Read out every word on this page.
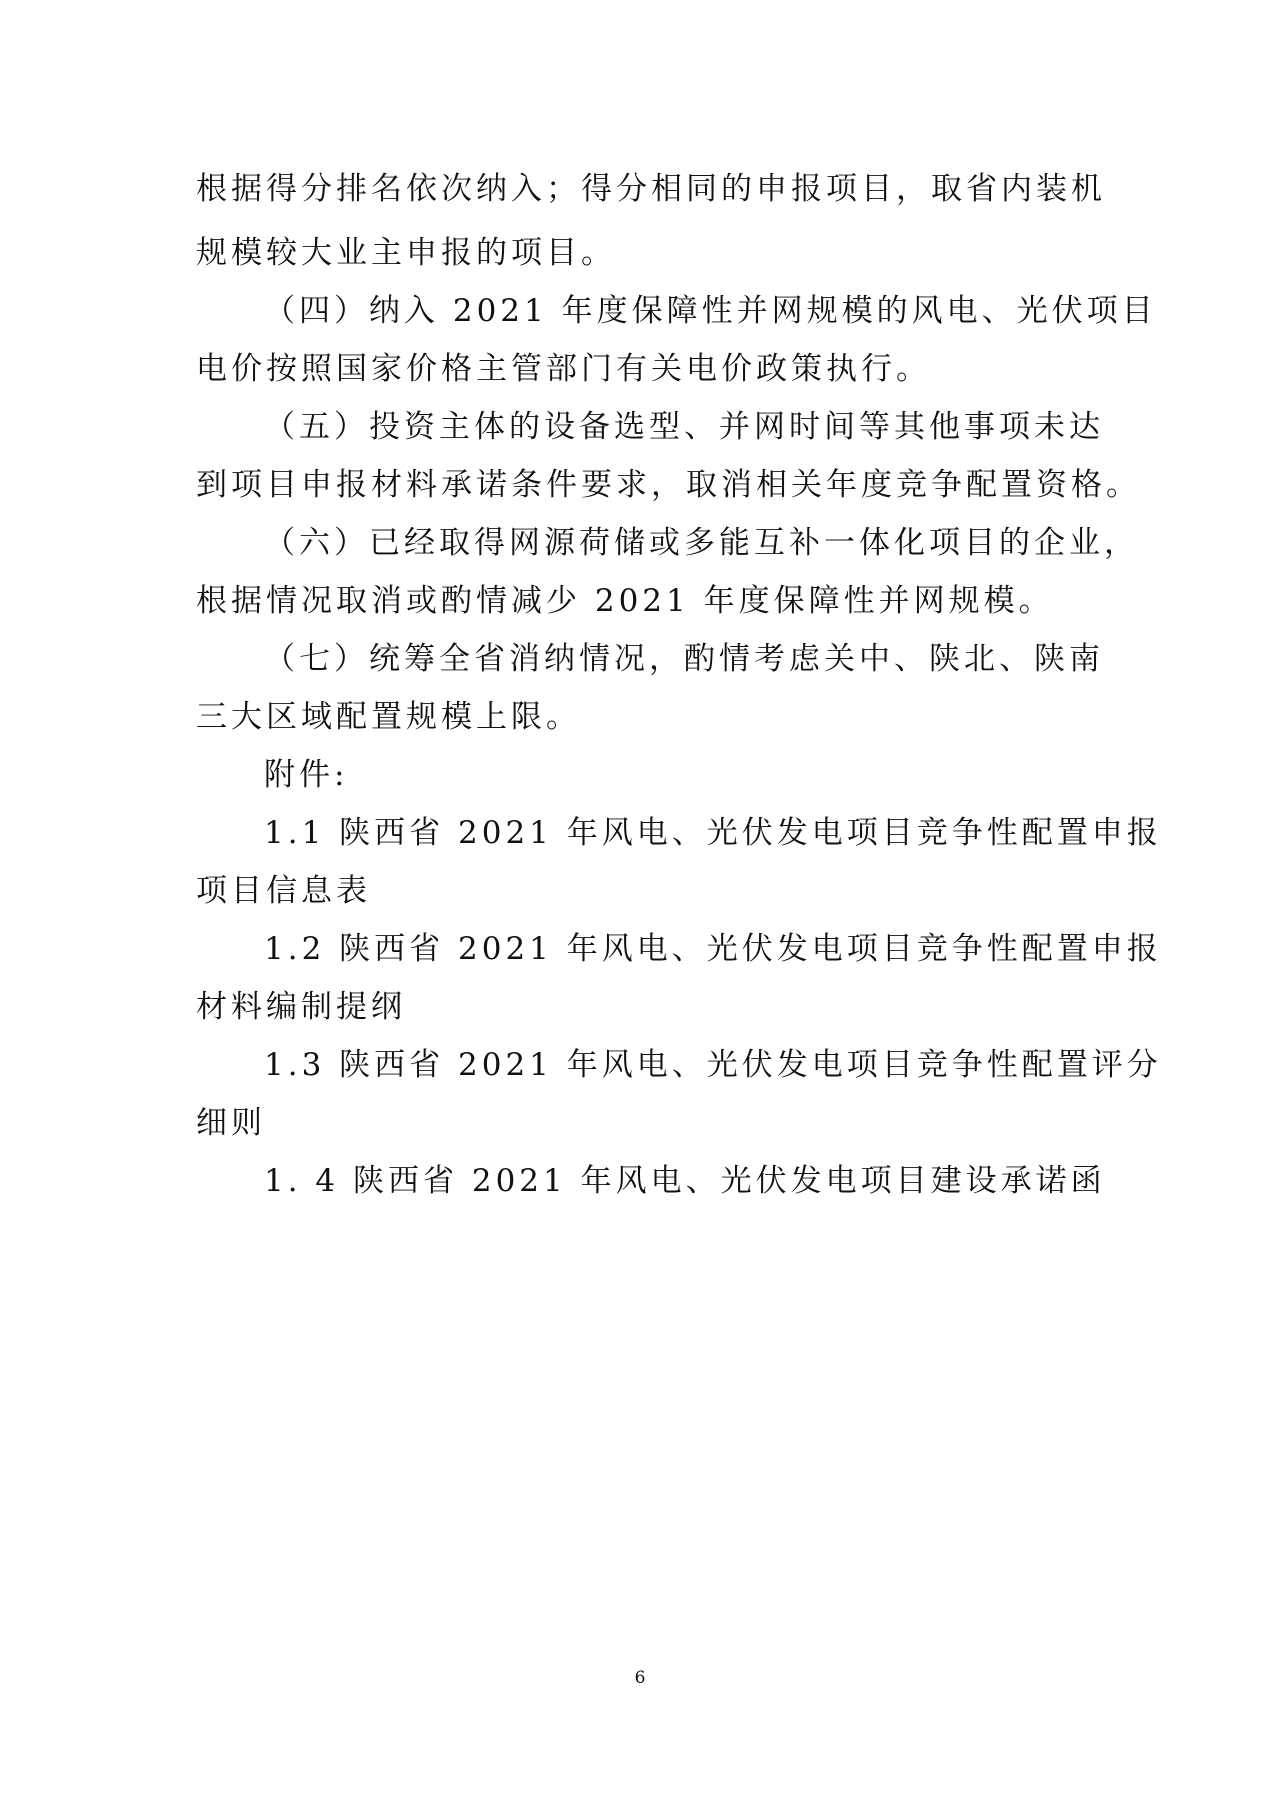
根据得分排名依次纳入；得分相同的申报项目，取省内装机
规模较大业主申报的项目。
（四）纳入 2021 年度保障性并网规模的风电、光伏项目
电价按照国家价格主管部门有关电价政策执行。
（五）投资主体的设备选型、并网时间等其他事项未达
到项目申报材料承诺条件要求，取消相关年度竞争配置资格。
（六）已经取得网源荷储或多能互补一体化项目的企业，
根据情况取消或酌情减少 2021 年度保障性并网规模。
（七）统筹全省消纳情况，酌情考虑关中、陕北、陕南
三大区域配置规模上限。
附件:
1.1 陕西省 2021 年风电、光伏发电项目竞争性配置申报
项目信息表
1.2 陕西省 2021 年风电、光伏发电项目竞争性配置申报
材料编制提纲
1.3 陕西省 2021 年风电、光伏发电项目竞争性配置评分
细则
1. 4 陕西省 2021 年风电、光伏发电项目建设承诺函
6
